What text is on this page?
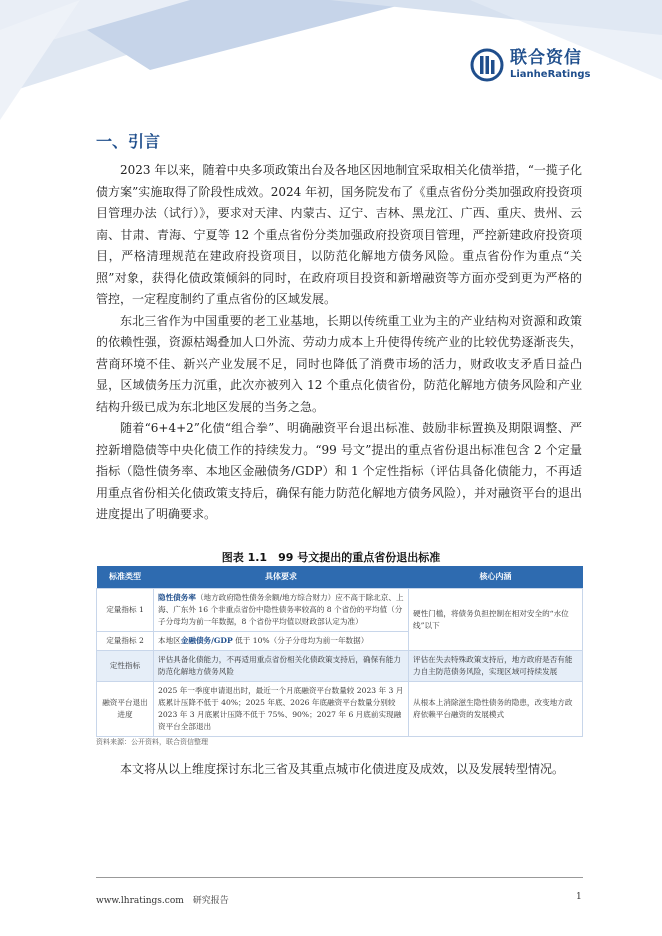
联合资信
LianheRatings
一、引言

2023 年以来，随着中央多项政策出台及各地区因地制宜采取相关化债举措，“一揽子化债方案”实施取得了阶段性成效。2024 年初，国务院发布了《重点省份分类加强政府投资项目管理办法（试行）》，要求对天津、内蒙古、辽宁、吉林、黑龙江、广西、重庆、贵州、云南、甘肃、青海、宁夏等 12 个重点省份分类加强政府投资项目管理，严控新建政府投资项目，严格清理规范在建政府投资项目，以防范化解地方债务风险。重点省份作为重点“关照”对象，获得化债政策倾斜的同时，在政府项目投资和新增融资等方面亦受到更为严格的管控，一定程度制约了重点省份的区域发展。

东北三省作为中国重要的老工业基地，长期以传统重工业为主的产业结构对资源和政策的依赖性强，资源枯竭叠加人口外流、劳动力成本上升使得传统产业的比较优势逐渐丧失，营商环境不佳、新兴产业发展不足，同时也降低了消费市场的活力，财政收支矛盾日益凸显，区域债务压力沉重，此次亦被列入 12 个重点化债省份，防范化解地方债务风险和产业结构升级已成为东北地区发展的当务之急。

随着“6+4+2”化债“组合拳”、明确融资平台退出标准、鼓励非标置换及期限调整、严控新增隐债等中央化债工作的持续发力。“99 号文”提出的重点省份退出标准包含 2 个定量指标（隐性债务率、本地区金融债务/GDP）和 1 个定性指标（评估具备化债能力，不再适用重点省份相关化债政策支持后，确保有能力防范化解地方债务风险），并对融资平台的退出进度提出了明确要求。

图表 1.1　99 号文提出的重点省份退出标准
标准类型	具体要求	核心内涵
定量指标 1	隐性债务率（地方政府隐性债务余额/地方综合财力）应不高于除北京、上海、广东外 16 个非重点省份中隐性债务率较高的 8 个省份的平均值（分子分母均为前一年数据，8 个省份平均值以财政部认定为准）	硬性门槛，将债务负担控制在相对安全的“水位线”以下
定量指标 2	本地区金融债务/GDP 低于 10%（分子分母均为前一年数据）	
定性指标	评估具备化债能力，不再适用重点省份相关化债政策支持后，确保有能力防范化解地方债务风险	评估在失去特殊政策支持后，地方政府是否有能力自主防范债务风险，实现区域可持续发展
融资平台退出进度	2025 年一季度申请退出时，最近一个月底融资平台数量较 2023 年 3 月底累计压降不低于 40%；2025 年底、2026 年底融资平台数量分别较 2023 年 3 月底累计压降不低于 75%、90%；2027 年 6 月底前实现融资平台全部退出	从根本上消除滋生隐性债务的隐患，改变地方政府依赖平台融资的发展模式
资料来源：公开资料，联合资信整理

本文将从以上维度探讨东北三省及其重点城市化债进度及成效，以及发展转型情况。

www.lhratings.com　研究报告	1
